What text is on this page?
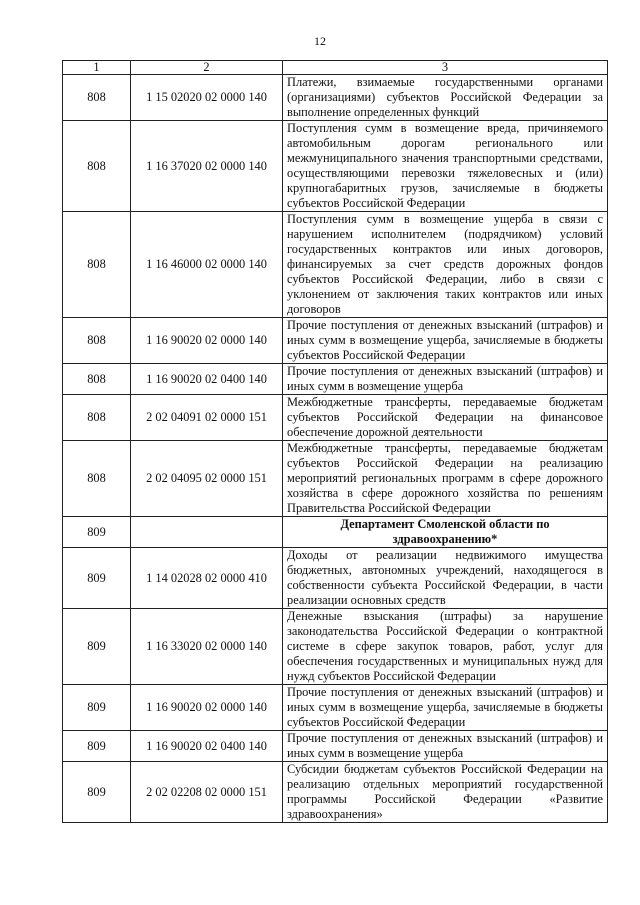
12
1	2	3
808	1 15 02020 02 0000 140	Платежи, взимаемые государственными органами (организациями) субъектов Российской Федерации за выполнение определенных функций
808	1 16 37020 02 0000 140	Поступления сумм в возмещение вреда, причиняемого автомобильным дорогам регионального или межмуниципального значения транспортными средствами, осуществляющими перевозки тяжеловесных и (или) крупногабаритных грузов, зачисляемые в бюджеты субъектов Российской Федерации
808	1 16 46000 02 0000 140	Поступления сумм в возмещение ущерба в связи с нарушением исполнителем (подрядчиком) условий государственных контрактов или иных договоров, финансируемых за счет средств дорожных фондов субъектов Российской Федерации, либо в связи с уклонением от заключения таких контрактов или иных договоров
808	1 16 90020 02 0000 140	Прочие поступления от денежных взысканий (штрафов) и иных сумм в возмещение ущерба, зачисляемые в бюджеты субъектов Российской Федерации
808	1 16 90020 02 0400 140	Прочие поступления от денежных взысканий (штрафов) и иных сумм в возмещение ущерба
808	2 02 04091 02 0000 151	Межбюджетные трансферты, передаваемые бюджетам субъектов Российской Федерации на финансовое обеспечение дорожной деятельности
808	2 02 04095 02 0000 151	Межбюджетные трансферты, передаваемые бюджетам субъектов Российской Федерации на реализацию мероприятий региональных программ в сфере дорожного хозяйства в сфере дорожного хозяйства по решениям Правительства Российской Федерации
809		Департамент Смоленской области по здравоохранению*
809	1 14 02028 02 0000 410	Доходы от реализации недвижимого имущества бюджетных, автономных учреждений, находящегося в собственности субъекта Российской Федерации, в части реализации основных средств
809	1 16 33020 02 0000 140	Денежные взыскания (штрафы) за нарушение законодательства Российской Федерации о контрактной системе в сфере закупок товаров, работ, услуг для обеспечения государственных и муниципальных нужд для нужд субъектов Российской Федерации
809	1 16 90020 02 0000 140	Прочие поступления от денежных взысканий (штрафов) и иных сумм в возмещение ущерба, зачисляемые в бюджеты субъектов Российской Федерации
809	1 16 90020 02 0400 140	Прочие поступления от денежных взысканий (штрафов) и иных сумм в возмещение ущерба
809	2 02 02208 02 0000 151	Субсидии бюджетам субъектов Российской Федерации на реализацию отдельных мероприятий государственной программы Российской Федерации «Развитие здравоохранения»
